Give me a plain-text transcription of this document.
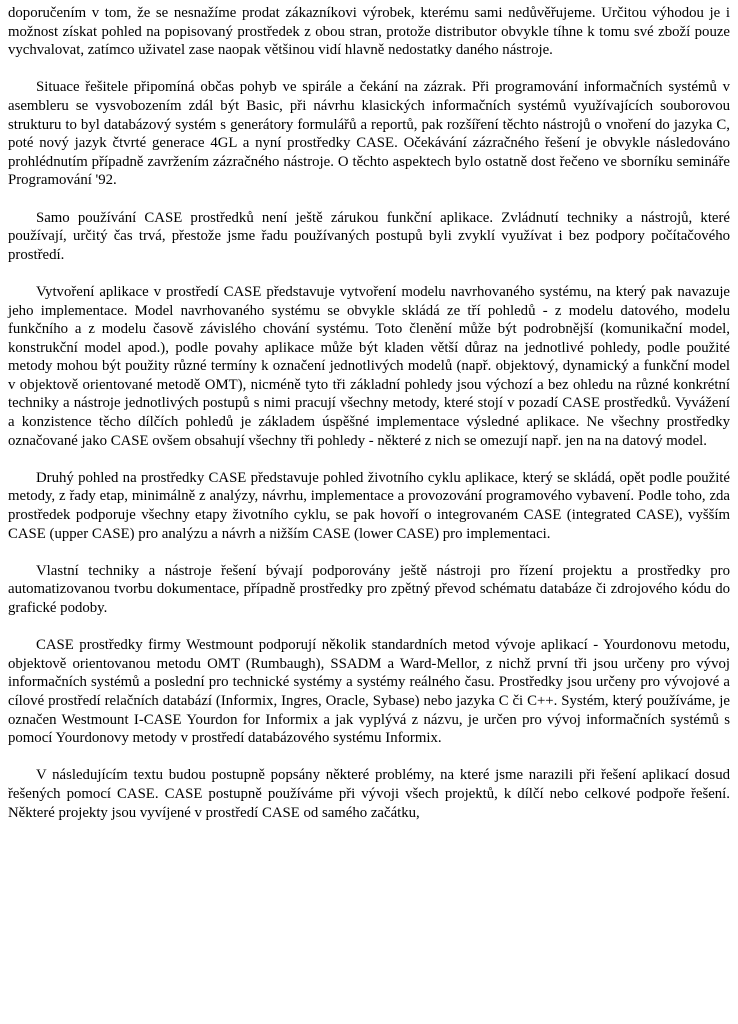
doporučením v tom, že se nesnažíme prodat zákazníkovi výrobek, kterému sami nedůvěřujeme. Určitou výhodou je i možnost získat pohled na popisovaný prostředek z obou stran, protože distributor obvykle tíhne k tomu své zboží pouze vychvalovat, zatímco uživatel zase naopak většinou vidí hlavně nedostatky daného nástroje.

Situace řešitele připomíná občas pohyb ve spirále a čekání na zázrak. Při programování informačních systémů v asembleru se vysvobozením zdál být Basic, při návrhu klasických informačních systémů využívajících souborovou strukturu to byl databázový systém s generátory formulářů a reportů, pak rozšíření těchto nástrojů o vnoření do jazyka C, poté nový jazyk čtvrté generace 4GL a nyní prostředky CASE. Očekávání zázračného řešení je obvykle následováno prohlédnutím případně zavržením zázračného nástroje. O těchto aspektech bylo ostatně dost řečeno ve sborníku semináře Programování '92.

Samo používání CASE prostředků není ještě zárukou funkční aplikace. Zvládnutí techniky a nástrojů, které používají, určitý čas trvá, přestože jsme řadu používaných postupů byli zvyklí využívat i bez podpory počítačového prostředí.

Vytvoření aplikace v prostředí CASE představuje vytvoření modelu navrhovaného systému, na který pak navazuje jeho implementace. Model navrhovaného systému se obvykle skládá ze tří pohledů - z modelu datového, modelu funkčního a z modelu časově závislého chování systému. Toto členění může být podrobnější (komunikační model, konstrukční model apod.), podle povahy aplikace může být kladen větší důraz na jednotlivé pohledy, podle použité metody mohou být použity různé termíny k označení jednotlivých modelů (např. objektový, dynamický a funkční model v objektově orientované metodě OMT), nicméně tyto tři základní pohledy jsou výchozí a bez ohledu na různé konkrétní techniky a nástroje jednotlivých postupů s nimi pracují všechny metody, které stojí v pozadí CASE prostředků. Vyvážení a konzistence těcho dílčích pohledů je základem úspěšné implementace výsledné aplikace. Ne všechny prostředky označované jako CASE ovšem obsahují všechny tři pohledy - některé z nich se omezují např. jen na na datový model.

Druhý pohled na prostředky CASE představuje pohled životního cyklu aplikace, který se skládá, opět podle použité metody, z řady etap, minimálně z analýzy, návrhu, implementace a provozování programového vybavení. Podle toho, zda prostředek podporuje všechny etapy životního cyklu, se pak hovoří o integrovaném CASE (integrated CASE), vyšším CASE (upper CASE) pro analýzu a návrh a nižším CASE (lower CASE) pro implementaci.

Vlastní techniky a nástroje řešení bývají podporovány ještě nástroji pro řízení projektu a prostředky pro automatizovanou tvorbu dokumentace, případně prostředky pro zpětný převod schématu databáze či zdrojového kódu do grafické podoby.

CASE prostředky firmy Westmount podporují několik standardních metod vývoje aplikací - Yourdonovu metodu, objektově orientovanou metodu OMT (Rumbaugh), SSADM a Ward-Mellor, z nichž první tři jsou určeny pro vývoj informačních systémů a poslední pro technické systémy a systémy reálného času. Prostředky jsou určeny pro vývojové a cílové prostředí relačních databází (Informix, Ingres, Oracle, Sybase) nebo jazyka C či C++. Systém, který používáme, je označen Westmount I-CASE Yourdon for Informix a jak vyplývá z názvu, je určen pro vývoj informačních systémů s pomocí Yourdonovy metody v prostředí databázového systému Informix.

V následujícím textu budou postupně popsány některé problémy, na které jsme narazili při řešení aplikací dosud řešených pomocí CASE. CASE postupně používáme při vývoji všech projektů, k dílčí nebo celkové podpoře řešení. Některé projekty jsou vyvíjené v prostředí CASE od samého začátku,
